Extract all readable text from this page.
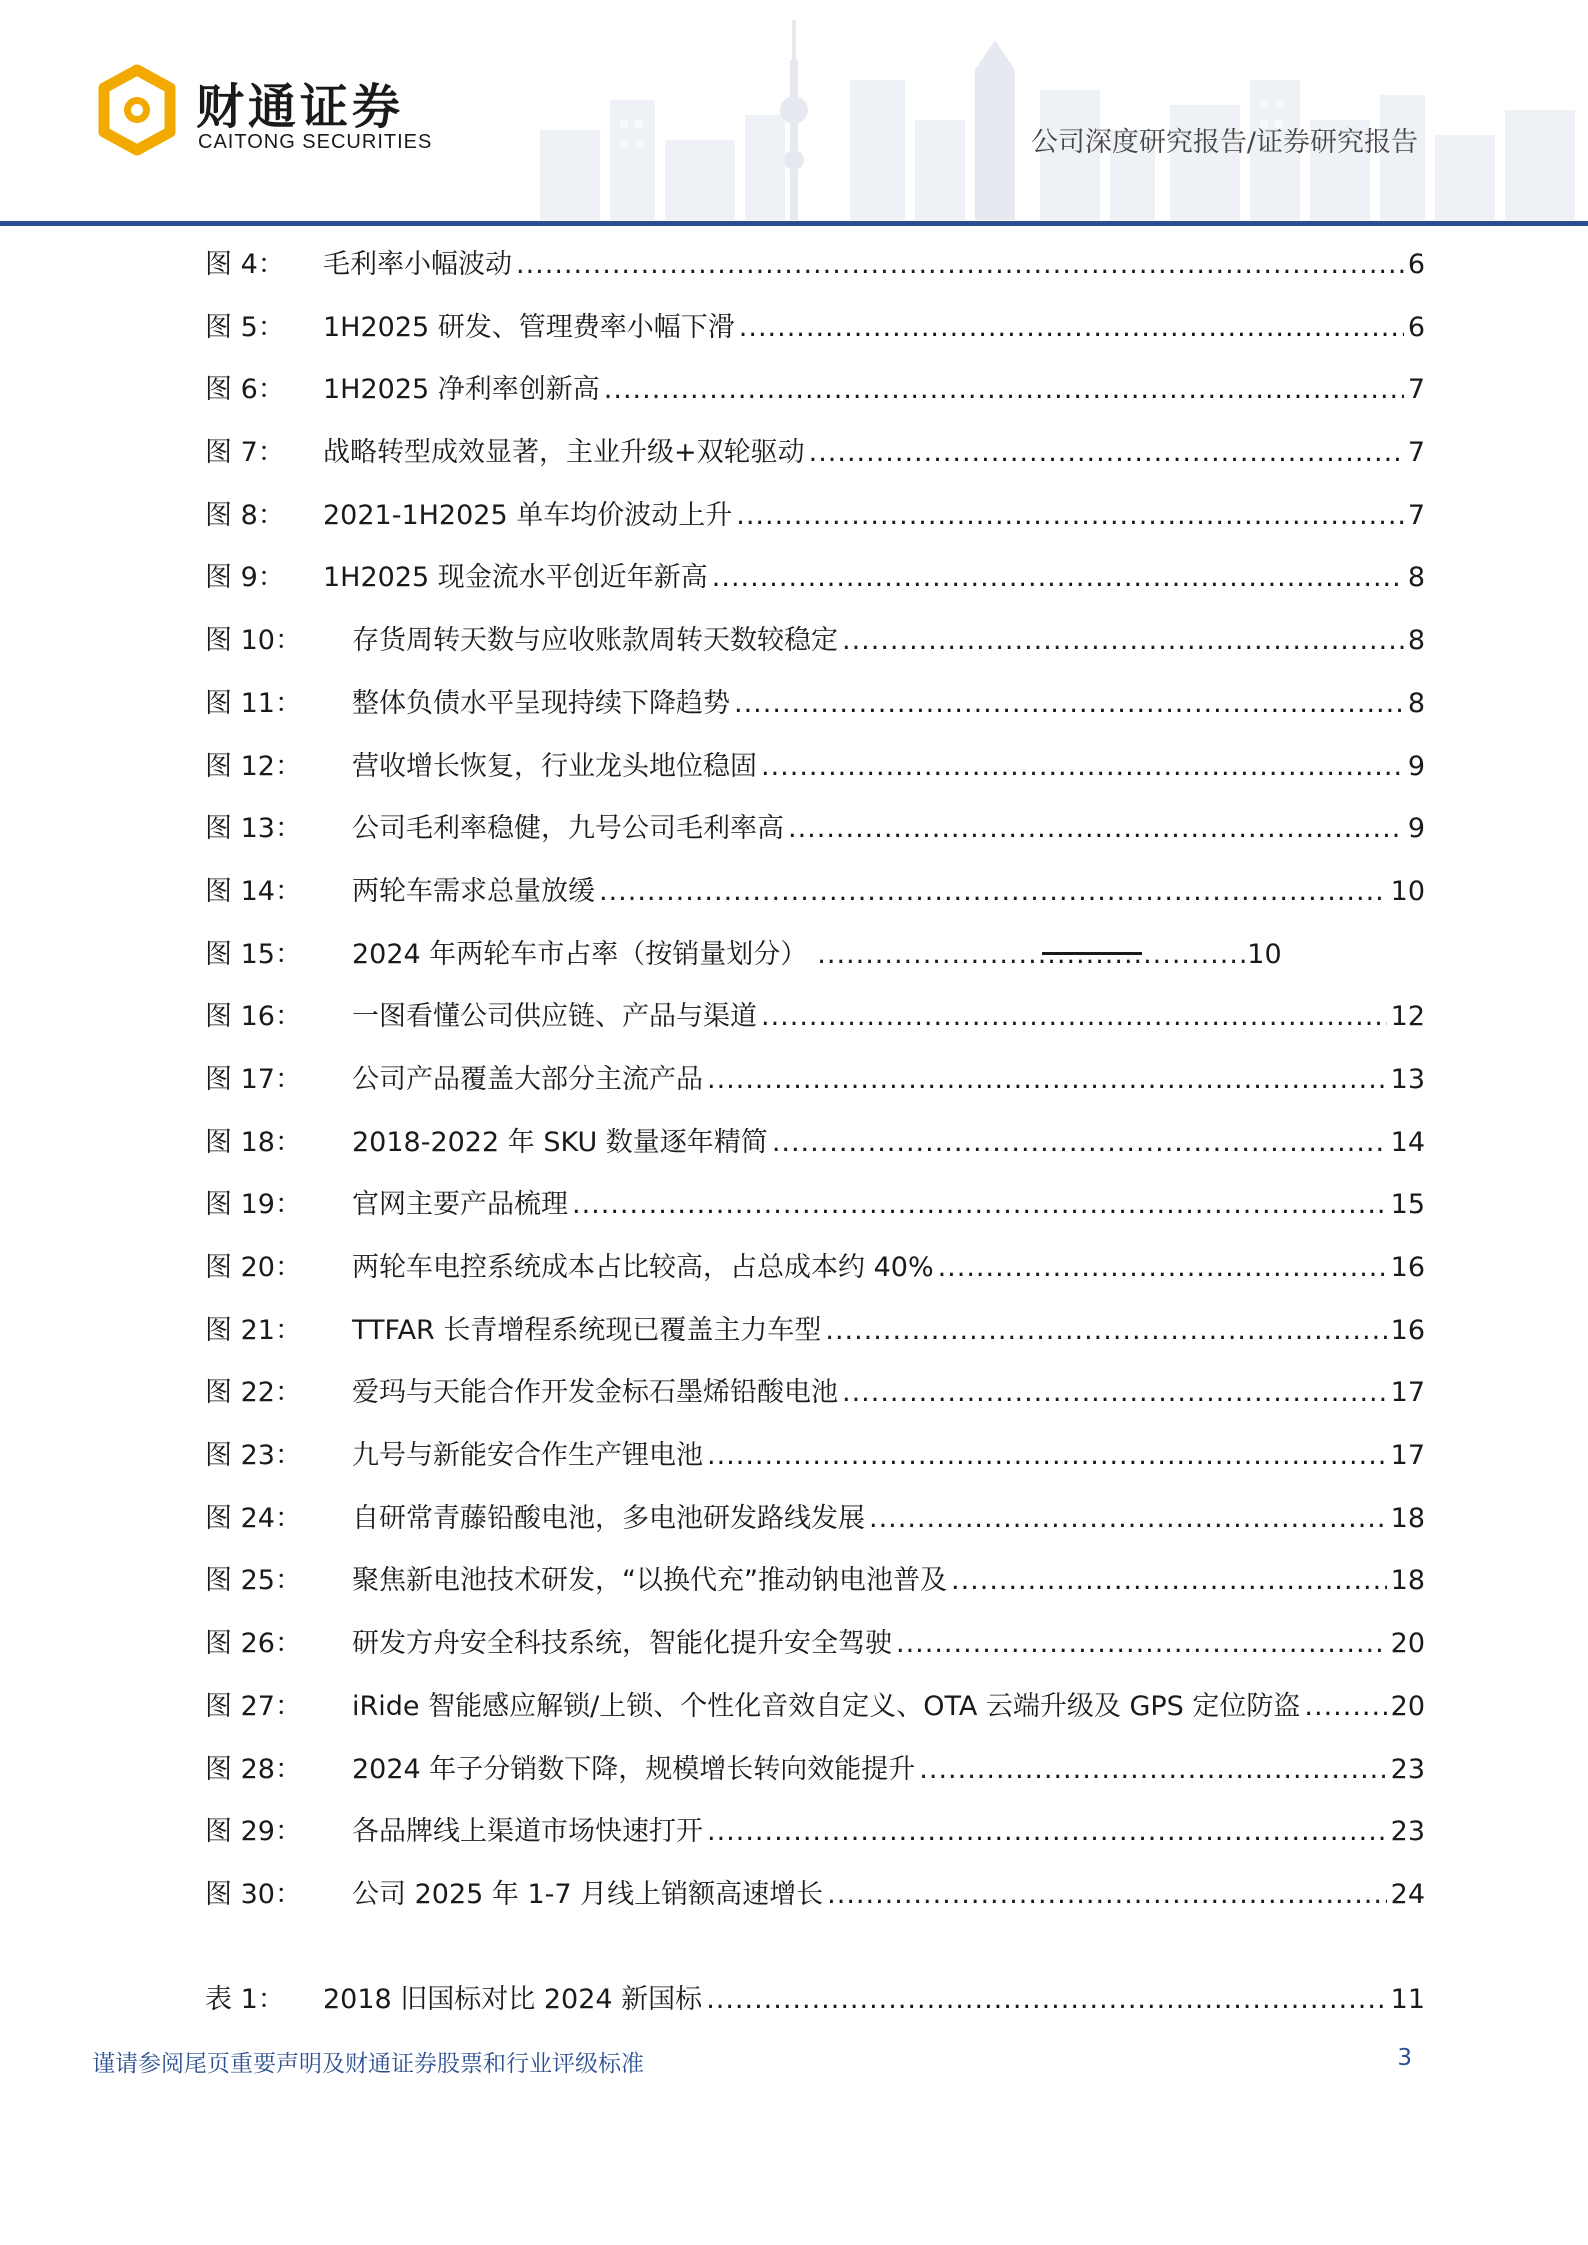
财通证券
CAITONG SECURITIES	公司深度研究报告/证券研究报告
图 4：	毛利率小幅波动 .....	6
图 5：	1H2025 研发、管理费率小幅下滑 .....	6
图 6：	1H2025 净利率创新高 .....	7
图 7：	战略转型成效显著，主业升级+双轮驱动 .....	7
图 8：	2021-1H2025 单车均价波动上升 .....	7
图 9：	1H2025 现金流水平创近年新高 .....	8
图 10：	存货周转天数与应收账款周转天数较稳定 .....	8
图 11：	整体负债水平呈现持续下降趋势 .....	8
图 12：	营收增长恢复，行业龙头地位稳固 .....	9
图 13：	公司毛利率稳健，九号公司毛利率高 .....	9
图 14：	两轮车需求总量放缓 .....	10
图 15：	2024 年两轮车市占率（按销量划分） .....	10
图 16：	一图看懂公司供应链、产品与渠道 .....	12
图 17：	公司产品覆盖大部分主流产品 .....	13
图 18：	2018-2022 年 SKU 数量逐年精简 .....	14
图 19：	官网主要产品梳理 .....	15
图 20：	两轮车电控系统成本占比较高，占总成本约 40% .....	16
图 21：	TTFAR 长青增程系统现已覆盖主力车型 .....	16
图 22：	爱玛与天能合作开发金标石墨烯铅酸电池 .....	17
图 23：	九号与新能安合作生产锂电池 .....	17
图 24：	自研常青藤铅酸电池，多电池研发路线发展 .....	18
图 25：	聚焦新电池技术研发，“以换代充”推动钠电池普及 .....	18
图 26：	研发方舟安全科技系统，智能化提升安全驾驶 .....	20
图 27：	iRide 智能感应解锁/上锁、个性化音效自定义、OTA 云端升级及 GPS 定位防盗 .....	20
图 28：	2024 年子分销数下降，规模增长转向效能提升 .....	23
图 29：	各品牌线上渠道市场快速打开 .....	23
图 30：	公司 2025 年 1-7 月线上销额高速增长 .....	24
表 1：	2018 旧国标对比 2024 新国标 .....	11
谨请参阅尾页重要声明及财通证券股票和行业评级标准	3
